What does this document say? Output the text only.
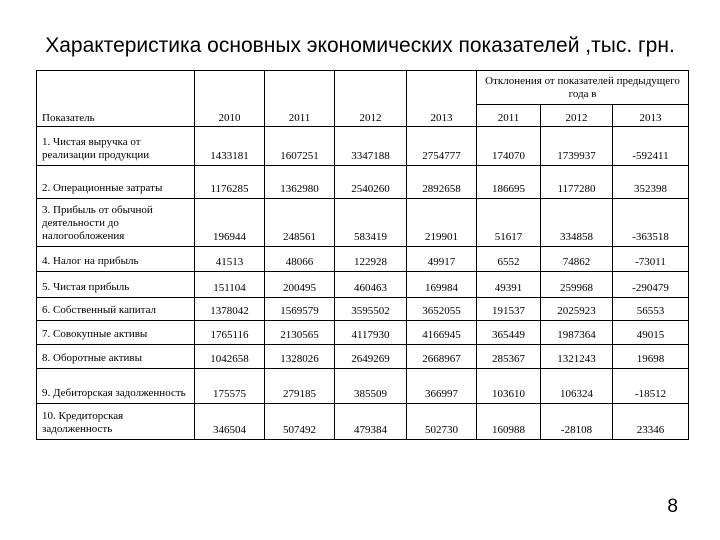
Характеристика основных экономических показателей ,тыс. грн.
Показатель	2010	2011	2012	2013	Отклонения от показателей предыдущего года в		
					2011	2012	2013
1. Чистая выручка от реализации продукции	1433181	1607251	3347188	2754777	174070	1739937	-592411
2. Операционные затраты	1176285	1362980	2540260	2892658	186695	1177280	352398
3. Прибыль от обычной деятельности до налогообложения	196944	248561	583419	219901	51617	334858	-363518
4. Налог на прибыль	41513	48066	122928	49917	6552	74862	-73011
5. Чистая прибыль	151104	200495	460463	169984	49391	259968	-290479
6. Собственный капитал	1378042	1569579	3595502	3652055	191537	2025923	56553
7. Совокупные активы	1765116	2130565	4117930	4166945	365449	1987364	49015
8. Оборотные активы	1042658	1328026	2649269	2668967	285367	1321243	19698
9. Дебиторская задолженность	175575	279185	385509	366997	103610	106324	-18512
10. Кредиторская задолженность	346504	507492	479384	502730	160988	-28108	23346
8
